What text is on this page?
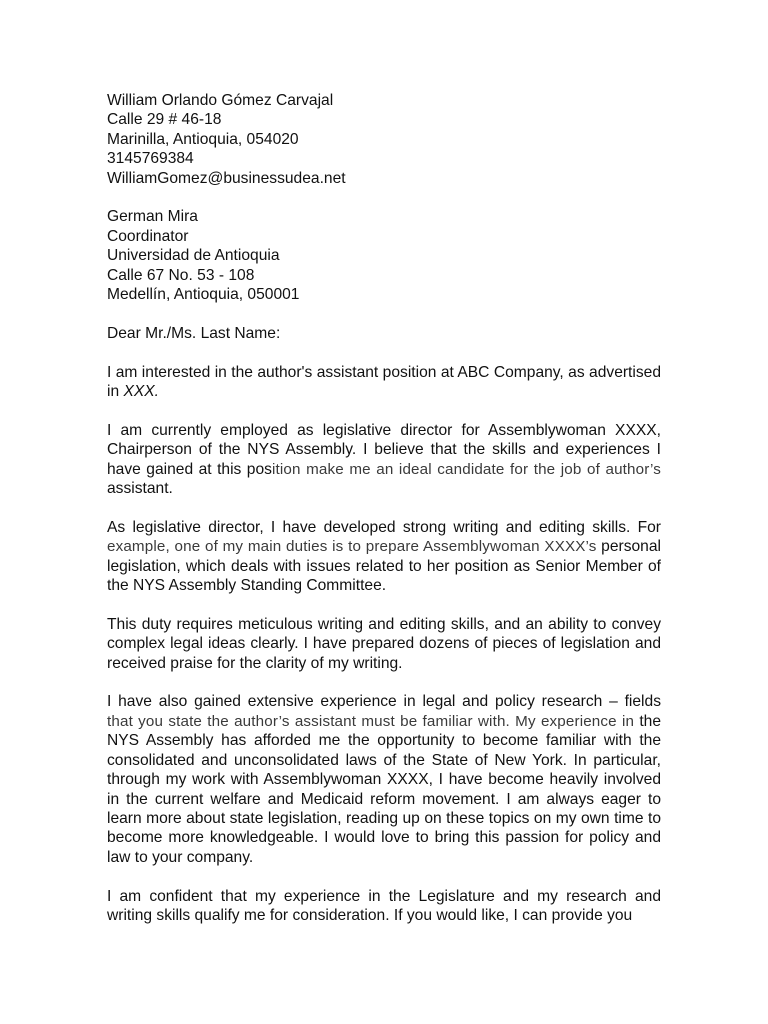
William Orlando Gómez Carvajal
Calle 29 # 46-18
Marinilla, Antioquia, 054020
3145769384
WilliamGomez@businessudea.net
German Mira
Coordinator
Universidad de Antioquia
Calle 67 No. 53 - 108
Medellín, Antioquia, 050001

Dear Mr./Ms. Last Name:

I am interested in the author's assistant position at ABC Company, as advertised in XXX.

I am currently employed as legislative director for Assemblywoman XXXX, Chairperson of the NYS Assembly. I believe that the skills and experiences I have gained at this position make me an ideal candidate for the job of author’s assistant.

As legislative director, I have developed strong writing and editing skills. For example, one of my main duties is to prepare Assemblywoman XXXX’s personal legislation, which deals with issues related to her position as Senior Member of the NYS Assembly Standing Committee.

This duty requires meticulous writing and editing skills, and an ability to convey complex legal ideas clearly. I have prepared dozens of pieces of legislation and received praise for the clarity of my writing.

I have also gained extensive experience in legal and policy research – fields that you state the author’s assistant must be familiar with. My experience in the NYS Assembly has afforded me the opportunity to become familiar with the consolidated and unconsolidated laws of the State of New York. In particular, through my work with Assemblywoman XXXX, I have become heavily involved in the current welfare and Medicaid reform movement. I am always eager to learn more about state legislation, reading up on these topics on my own time to become more knowledgeable. I would love to bring this passion for policy and law to your company.

I am confident that my experience in the Legislature and my research and writing skills qualify me for consideration. If you would like, I can provide you
